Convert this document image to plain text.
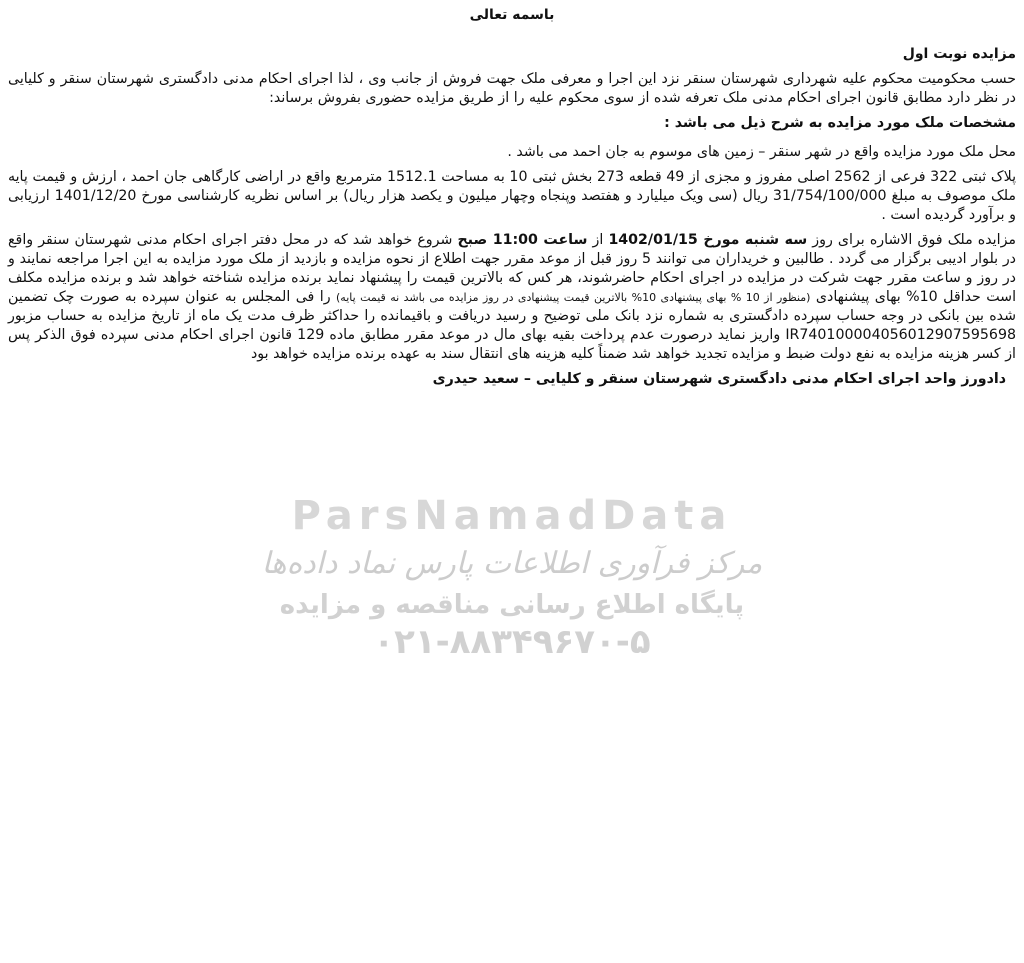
باسمه تعالی
مزایده نوبت اول

حسب محکومیت محکوم علیه شهرداری شهرستان سنقر نزد این اجرا و معرفی ملک جهت فروش از جانب وی ، لذا اجرای احکام مدنی دادگستری شهرستان سنقر و کلیایی در نظر دارد مطابق قانون اجرای احکام مدنی ملک تعرفه شده از سوی محکوم علیه را از طریق مزایده حضوری بفروش برساند:

مشخصات ملک مورد مزایده به شرح ذیل می باشد :

محل ملک مورد مزایده واقع در شهر سنقر – زمین های موسوم به جان احمد می باشد .

پلاک ثبتی 322 فرعی از 2562 اصلی مفروز و مجزی از 49 قطعه 273 بخش ثبتی 10 به مساحت 1512.1 مترمربع واقع در اراضی کارگاهی جان احمد ، ارزش و قیمت پایه ملک موصوف به مبلغ 31/754/100/000 ریال (سی ویک میلیارد و هفتصد وپنجاه وچهار میلیون و یکصد هزار ریال) بر اساس نظریه کارشناسی مورخ 1401/12/20 ارزیابی و برآورد گردیده است .

مزایده ملک فوق الاشاره برای روز سه شنبه مورخ 1402/01/15 از ساعت 11:00 صبح شروع خواهد شد که در محل دفتر اجرای احکام مدنی شهرستان سنقر واقع در بلوار ادیبی برگزار می گردد . طالبین و خریداران می توانند 5 روز قبل از موعد مقرر جهت اطلاع از نحوه مزایده و بازدید از ملک مورد مزایده به این اجرا مراجعه نمایند و در روز و ساعت مقرر جهت شرکت در مزایده در اجرای احکام حاضرشوند، هر کس که بالاترین قیمت را پیشنهاد نماید برنده مزایده شناخته خواهد شد و برنده مزایده مکلف است حداقل 10% بهای پیشنهادی (منظور از 10 % بهای پیشنهادی 10% بالاترین قیمت پیشنهادی در روز مزایده می باشد نه قیمت پایه) را فی المجلس به عنوان سپرده به صورت چک تضمین شده بین بانکی در وجه حساب سپرده دادگستری به شماره نزد بانک ملی توضیح و رسید دریافت و باقیمانده را حداکثر ظرف مدت یک ماه از تاریخ مزایده به حساب مزبور IR740100004056012907595698 واریز نماید درصورت عدم پرداخت بقیه بهای مال در موعد مقرر مطابق ماده 129 قانون اجرای احکام مدنی سپرده فوق الذکر پس از کسر هزینه مزایده به نفع دولت ضبط و مزایده تجدید خواهد شد ضمناً کلیه هزینه های انتقال سند به عهده برنده مزایده خواهد بود

دادورز واحد اجرای احکام مدنی دادگستری شهرستان سنقر و کلیایی – سعید حیدری
ParsNamadData
مرکز فرآوری اطلاعات پارس نماد داده‌ها
پایگاه اطلاع رسانی مناقصه و مزایده
۰۲۱-۸۸۳۴۹۶۷۰-۵
